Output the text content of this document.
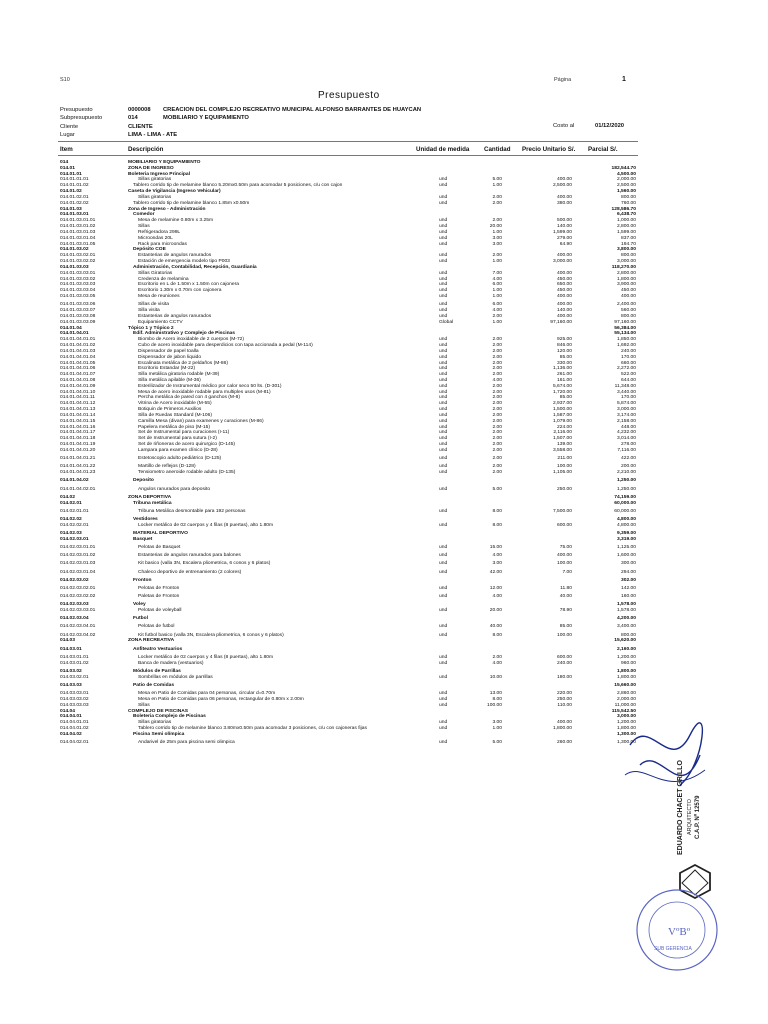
S10	Página	1
Presupuesto
Presupuesto	0000008 CREACION DEL COMPLEJO RECREATIVO MUNICIPAL ALFONSO BARRANTES DE HUAYCAN
Subpresupuesto	014	MOBILIARIO Y EQUIPAMIENTO
Cliente	CLIENTE	Costo al	01/12/2020
Lugar	LIMA - LIMA - ATE
Item	Descripción	Unidad de medida Cantidad Precio Unitario S/. Parcial S/.
014	MOBILIARIO Y EQUIPAMIENTO
014.01	ZONA DE INGRESO	182,544.70
014.01.01	Boleteria Ingreso Principal	4,500.00
014.01.01.01	Sillas giratorias	und	5.00	400.00	2,000.00
014.01.01.02	Tablero corrido tip de melamine blanco 5.20mx0.50m para acomodar 5 posiciones, c/u con cajon	und	1.00	2,500.00	2,500.00
014.01.02	Caseta de Vigilancia (Ingreso Vehicular)	1,560.00
014.01.02.01	Sillas giratorias	und	2.00	400.00	800.00
014.01.02.02	Tablero corrido tip de melamine blanco 1.85m x0.50m	und	2.00	380.00	760.00
014.01.03	Zona de Ingreso - Administración	128,586.70
014.01.03.01	Comedor	6,438.70
014.01.03.01.01	Mesa de melamine 0.80m x 3.25m	und	2.00	500.00	1,000.00
014.01.03.01.02	Sillas	und	20.00	140.00	2,800.00
014.01.03.01.03	Refrigeradora 299L	und	1.00	1,599.00	1,599.00
014.01.03.01.04	Microondas 20L	und	3.00	279.00	837.00
014.01.03.01.05	Rack para microondas	und	3.00	64.90	194.70
014.01.03.02	Depósito COE	3,800.00
014.01.03.02.01	Estanterias de angulos ranurados	und	2.00	400.00	800.00
014.01.03.02.02	Estación de emergencia modelo tipo P003	und	1.00	3,000.00	3,000.00
014.01.03.03	Administración, Contabilidad, Recepción, Guardianía	118,270.00
014.01.03.03.01	Sillas Giratorias	und	7.00	400.00	2,800.00
014.01.03.03.02	Credenza de melamina	und	4.00	450.00	1,800.00
014.01.03.03.03	Escritorio en L de 1.50m x 1.50m con cajonera	und	6.00	650.00	3,900.00
014.01.03.03.04	Escritorio 1.30m x 0.70m con cajonera	und	1.00	450.00	450.00
014.01.03.03.05	Mesa de reuniones	und	1.00	400.00	400.00
014.01.03.03.06	Sillas de visita	und	6.00	400.00	2,400.00
014.01.03.03.07	Silla visita	und	4.00	140.00	560.00
014.01.03.03.08	Estanterias de angulos ranurados	und	2.00	400.00	800.00
014.01.03.03.09	Equipamiento CCTV	Global	1.00	97,160.00	97,160.00
014.01.04	Tópico 1 y Tópico 2	56,384.00
014.01.04.01	Edif. Administrativo y Complejo de Piscinas	55,134.00
014.01.04.01.01	Biombo de Acero inoxidable de 2 cuerpos (M-72)	und	2.00	925.00	1,850.00
014.01.04.01.02	Cubo de acero inoxidable para desperdicios con tapa accionada a pedal (M-114)	und	2.00	846.00	1,692.00
014.01.04.01.03	Dispensador de papel toalla	und	2.00	120.00	240.00
014.01.04.01.04	Dispensador de jabon liquido	und	2.00	85.00	170.00
014.01.04.01.05	Escalinata metálica de 2 peldaños (M-86)	und	2.00	330.00	660.00
014.01.04.01.06	Escritorio Estandar (M-22)	und	2.00	1,136.00	2,272.00
014.01.04.01.07	Silla metálica giratoria rodable (M-39)	und	2.00	261.00	522.00
014.01.04.01.08	Silla metálica apilable (M-36)	und	4.00	161.00	644.00
014.01.04.01.09	Esterilizador de Instrumental médico por calor seco 50 lts. (D-301)	und	2.00	5,674.00	11,348.00
014.01.04.01.10	Mesa de acero inoxidable rodable para multiples usos (M-81)	und	2.00	1,720.00	3,440.00
014.01.04.01.11	Percha metálica de pared con 4 ganchos (M-8)	und	2.00	85.00	170.00
014.01.04.01.12	Vitrina de Acero inoxidable (M-55)	und	2.00	2,937.00	5,874.00
014.01.04.01.13	Botiquin de Primeros Auxilios	und	2.00	1,500.00	3,000.00
014.01.04.01.14	Silla de Ruedas Standard (M-106)	und	2.00	1,587.00	3,174.00
014.01.04.01.15	Camilla Mesa (divan) para examenes y curaciones (M-86)	und	2.00	1,079.00	2,158.00
014.01.04.01.16	Papelera metálica de piso (M-15)	und	2.00	224.00	448.00
014.01.04.01.17	Set de Instrumental para curaciones (I-11)	und	2.00	2,116.00	4,232.00
014.01.04.01.18	Set de Instrumental para sutura (I-2)	und	2.00	1,507.00	3,014.00
014.01.04.01.19	Set de riñoneras de acero quirurgico (D-145)	und	2.00	139.00	278.00
014.01.04.01.20	Lampara para examen clínico (D-28)	und	2.00	3,558.00	7,116.00
014.01.04.01.21	Estetoscopio adulto pediátrico (D-125)	und	2.00	211.00	422.00
014.01.04.01.22	Martillo de reflejos (D-128)	und	2.00	100.00	200.00
014.01.04.01.23	Tensiometro aneroide rodable adulto (D-135)	und	2.00	1,105.00	2,210.00
014.01.04.02	Deposito	1,250.00
014.01.04.02.01	Angulos ranurados para deposito	und	5.00	250.00	1,250.00
014.02	ZONA DEPORTIVA	74,159.00
014.02.01	Tribuna metálica	60,000.00
014.02.01.01	Tribuna Metálica desmontable para 192 personas	und	8.00	7,500.00	60,000.00
014.02.02	Vestidores	4,800.00
014.02.02.01	Locker metálico de 02 cuerpos y 4 filas (8 puertas), alto 1.80m	und	8.00	600.00	4,800.00
014.02.03	MATERIAL DEPORTIVO	9,359.00
014.02.03.01	Basquet	3,319.00
014.02.03.01.01	Pelotas de Basquet	und	15.00	75.00	1,125.00
014.02.03.01.02	Estanterias de angulos ranurados para balones	und	4.00	400.00	1,600.00
014.02.03.01.03	Kit basico (valla 3N, Escalera pliometrica, 6 conos y 6 platos)	und	3.00	100.00	300.00
014.02.03.01.04	Chaleco deportivo de entrenamiento (2 colores)	und	42.00	7.00	294.00
014.02.03.02	Fronton	302.00
014.02.03.02.01	Pelotas de Fronton	und	12.00	11.80	142.00
014.02.03.02.02	Paletas de Fronton	und	4.00	40.00	160.00
014.02.03.03	Voley	1,578.00
014.02.03.03.01	Pelotas de voleyball	und	20.00	78.90	1,578.00
014.02.03.04	Futbol	4,200.00
014.02.03.04.01	Pelotas de futbol	und	40.00	85.00	3,400.00
014.02.03.04.02	Kit futbol basico (valla 3N, Escalera pliometrica, 6 conos y 6 platos)	und	8.00	100.00	800.00
014.03	ZONA RECREATIVA	15,620.00
014.03.01	Anfiteatro Vestuarios	2,160.00
014.03.01.01	Locker metálico de 02 cuerpos y 4 filas (8 puertas), alto 1.80m	und	2.00	600.00	1,200.00
014.03.01.02	Banca de madera (vestuarios)	und	4.00	240.00	960.00
014.03.02	Módulos de Parrillas	1,800.00
014.03.02.01	Sombrillas en módulos de parrillas	und	10.00	180.00	1,800.00
014.03.03	Patio de Comidas	15,660.00
014.03.03.01	Mesa en Patio de Comidas para 04 personas, circular d=0.70m	und	13.00	220.00	2,860.00
014.03.03.02	Mesa en Patio de Comidas para 06 personas, rectangular de 0.80m x 2.00m	und	8.00	250.00	2,000.00
014.03.03.03	Sillas	und	100.00	110.00	11,000.00
014.04	COMPLEJO DE PISCINAS	115,542.50
014.04.01	Boleteria Complejo de Piscinas	3,000.00
014.04.01.01	Sillas giratorias	und	3.00	400.00	1,200.00
014.04.01.02	Tablero corrido tip de melamine blanco 3.80mx0.50m para acomodar 3 posiciones, c/u con cajoneras fijas	und	1.00	1,800.00	1,800.00
014.04.02	Piscina Semi olímpica	1,300.00
014.04.02.01	Andarivel de 25m para piscina semi olimpica	und	5.00	260.00	1,300.00
EDUARDO CHACET GRILLO ARQUITECTO C.A.P. Nº 12579
VºBº
SUB GERENCIA
